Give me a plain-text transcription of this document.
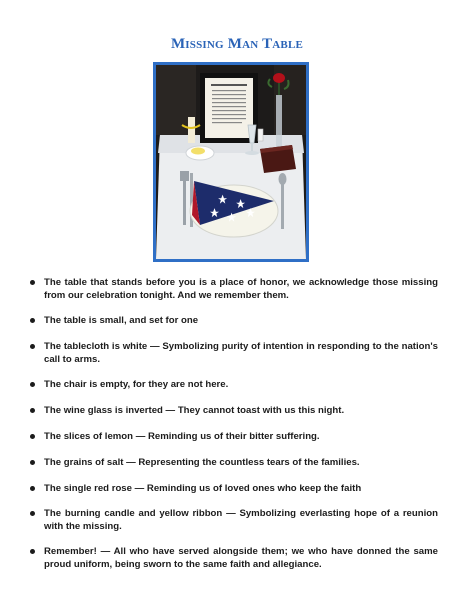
Missing Man Table
The table that stands before you is a place of honor, we acknowledge those missing from our celebration tonight. And we remember them.
The table is small, and set for one
The tablecloth is white — Symbolizing purity of intention in responding to the nation's call to arms.
The chair is empty, for they are not here.
The wine glass is inverted — They cannot toast with us this night.
The slices of lemon — Reminding us of their bitter suffering.
The grains of salt — Representing the countless tears of the families.
The single red rose — Reminding us of loved ones who keep the faith
The burning candle and yellow ribbon — Symbolizing everlasting hope of a reunion with the missing.
Remember! — All who have served alongside them; we who have donned the same proud uniform, being sworn to the same faith and allegiance.
